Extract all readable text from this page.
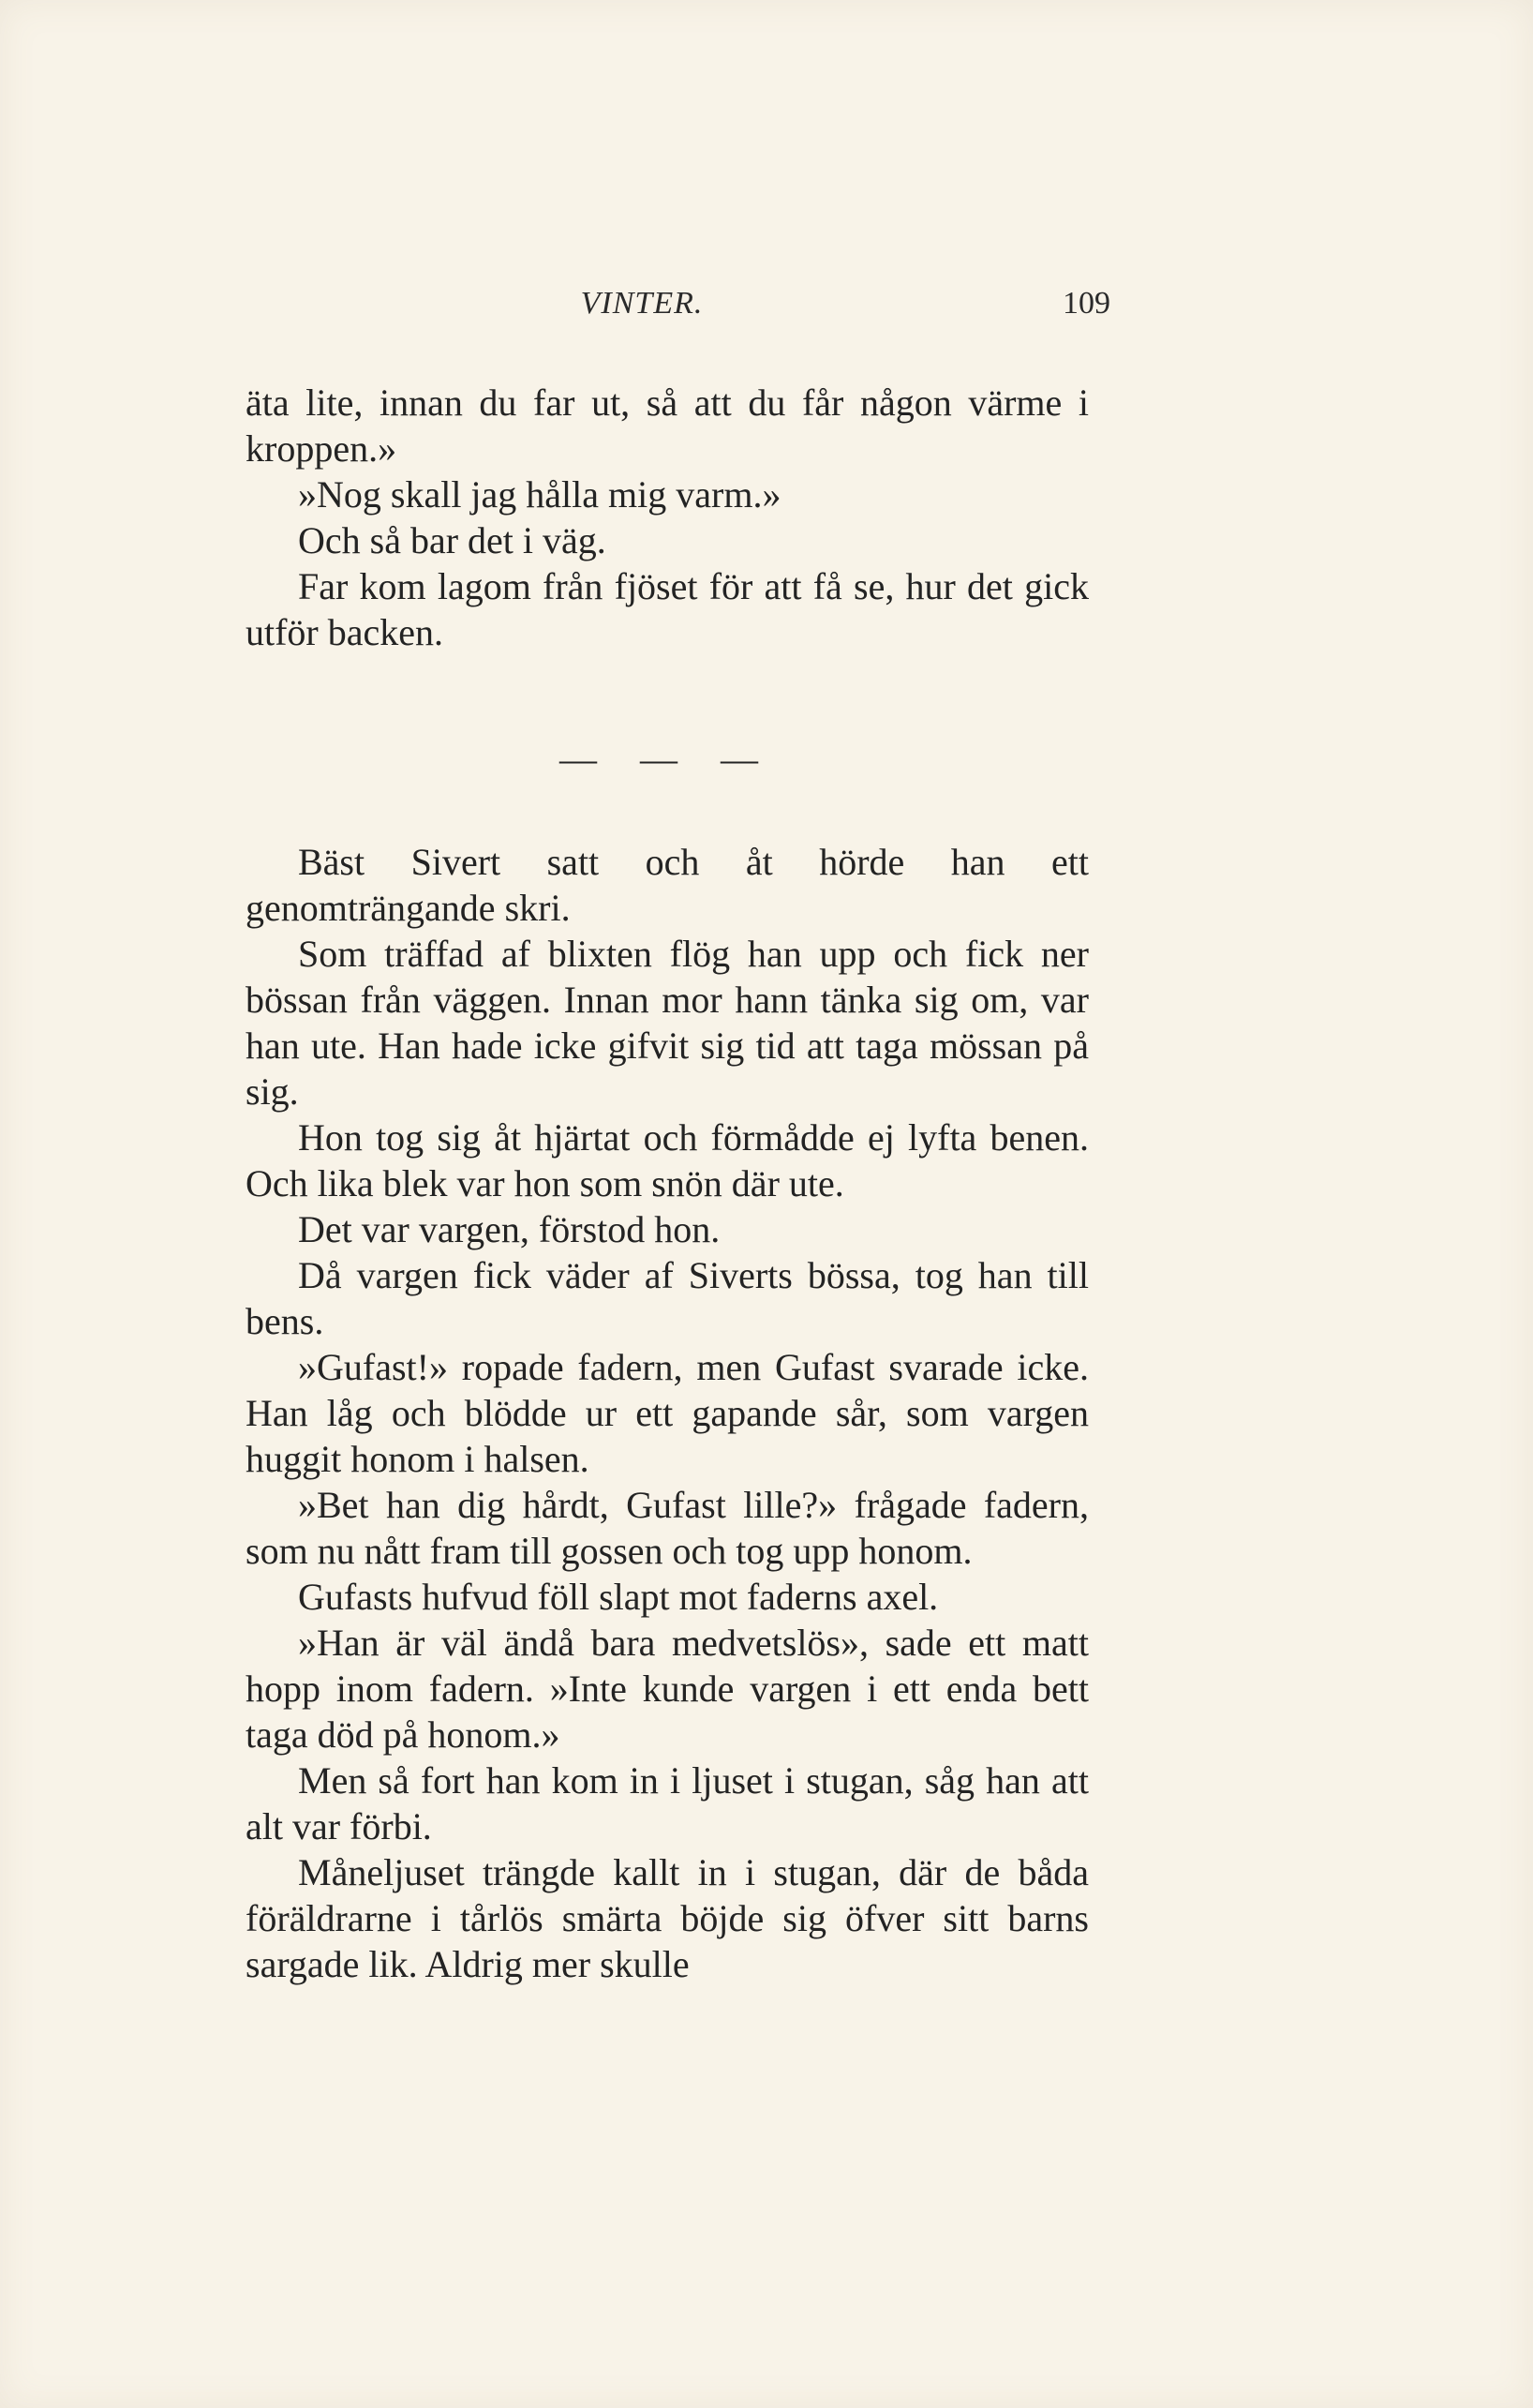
VINTER.	109

äta lite, innan du far ut, så att du får någon värme i kroppen.»

»Nog skall jag hålla mig varm.»

Och så bar det i väg.

Far kom lagom från fjöset för att få se, hur det gick utför backen.

— — —

Bäst Sivert satt och åt hörde han ett genomträngande skri.

Som träffad af blixten flög han upp och fick ner bössan från väggen. Innan mor hann tänka sig om, var han ute. Han hade icke gifvit sig tid att taga mössan på sig.

Hon tog sig åt hjärtat och förmådde ej lyfta benen. Och lika blek var hon som snön där ute.

Det var vargen, förstod hon.

Då vargen fick väder af Siverts bössa, tog han till bens.

»Gufast!» ropade fadern, men Gufast svarade icke. Han låg och blödde ur ett gapande sår, som vargen huggit honom i halsen.

»Bet han dig hårdt, Gufast lille?» frågade fadern, som nu nått fram till gossen och tog upp honom.

Gufasts hufvud föll slapt mot faderns axel.

»Han är väl ändå bara medvetslös», sade ett matt hopp inom fadern. »Inte kunde vargen i ett enda bett taga död på honom.»

Men så fort han kom in i ljuset i stugan, såg han att alt var förbi.

Måneljuset trängde kallt in i stugan, där de båda föräldrarne i tårlös smärta böjde sig öfver sitt barns sargade lik. Aldrig mer skulle
